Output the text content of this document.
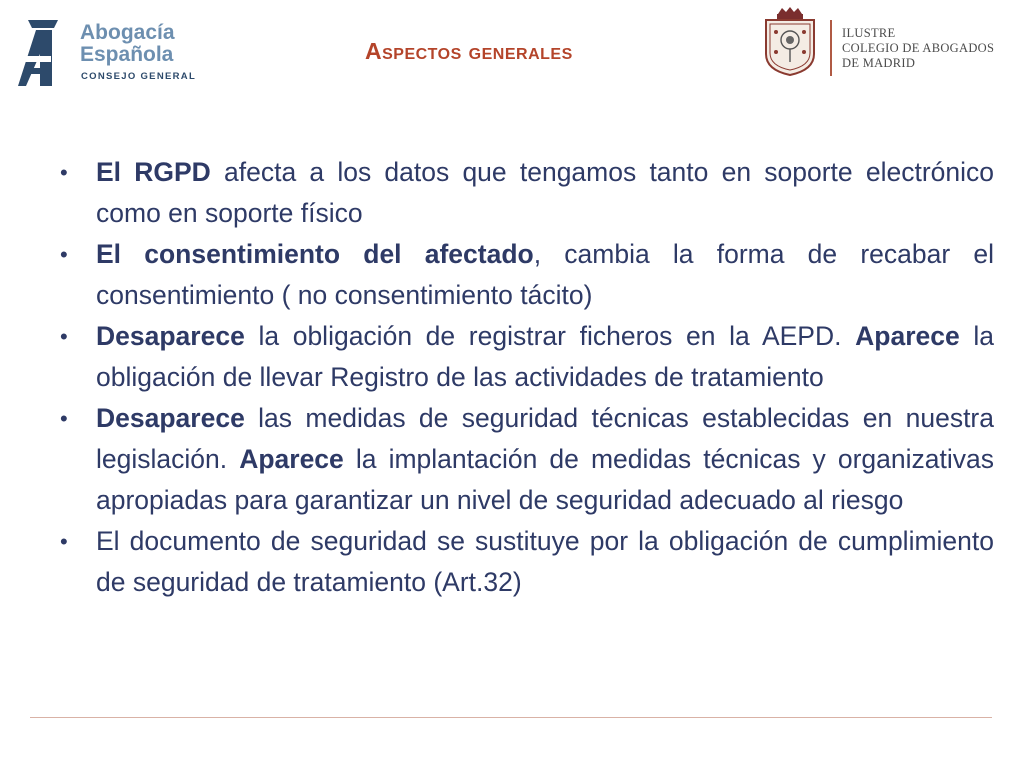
Abogacía
Española
CONSEJO GENERAL
Aspectos generales
ILUSTRE
COLEGIO DE ABOGADOS
DE MADRID
•	El RGPD afecta a los datos que tengamos tanto en soporte electrónico como en soporte físico
•	El consentimiento del afectado, cambia la forma de recabar el consentimiento ( no consentimiento tácito)
•	Desaparece la obligación de registrar ficheros en la AEPD. Aparece la obligación de llevar Registro de las actividades de tratamiento
•	Desaparece las medidas de seguridad técnicas establecidas en nuestra legislación. Aparece la implantación de medidas técnicas y organizativas apropiadas para garantizar un nivel de seguridad adecuado al riesgo
•	El documento de seguridad se sustituye por la obligación de cumplimiento de seguridad de tratamiento (Art.32)
